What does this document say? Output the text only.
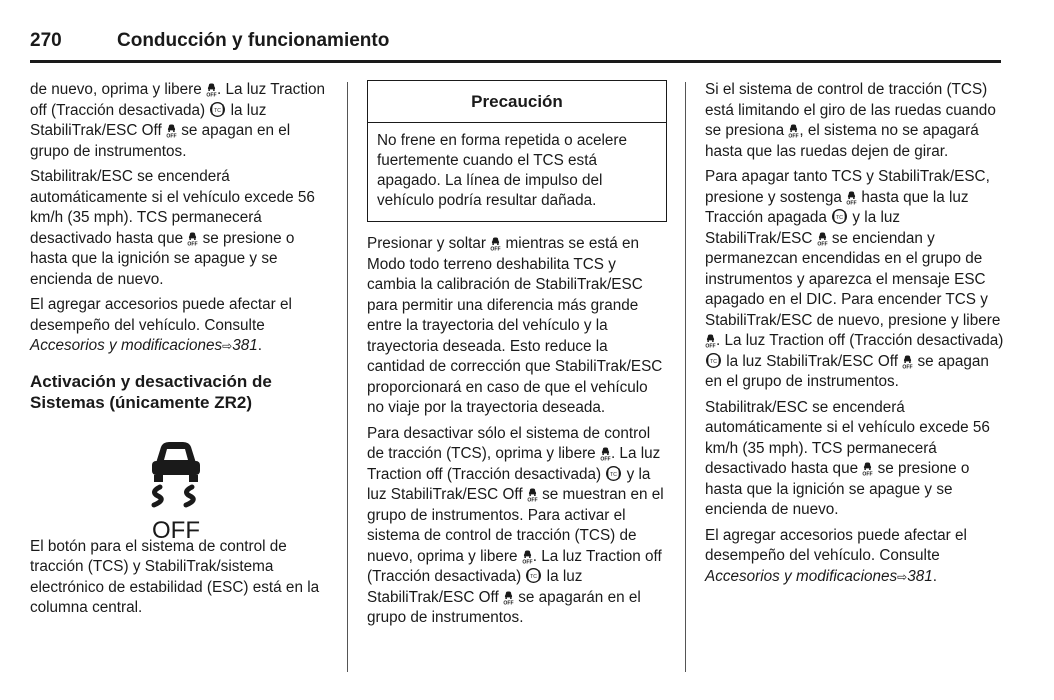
270	Conducción y funcionamiento

de nuevo, oprima y libere . La luz Traction off (Tracción desactivada) la luz StabiliTrak/ESC Off se apagan en el grupo de instrumentos.

Stabilitrak/ESC se encenderá automáticamente si el vehículo excede 56 km/h (35 mph). TCS permanecerá desactivado hasta que se presione o hasta que la ignición se apague y se encienda de nuevo.

El agregar accesorios puede afectar el desempeño del vehículo. Consulte Accesorios y modificaciones⇨381.

Activación y desactivación de Sistemas (únicamente ZR2)
OFF

El botón para el sistema de control de tracción (TCS) y StabiliTrak/sistema electrónico de estabilidad (ESC) está en la columna central.

Precaución
No frene en forma repetida o acelere fuertemente cuando el TCS está apagado. La línea de impulso del vehículo podría resultar dañada.

Presionar y soltar mientras se está en Modo todo terreno deshabilita TCS y cambia la calibración de StabiliTrak/ESC para permitir una diferencia más grande entre la trayectoria del vehículo y la trayectoria deseada. Esto reduce la cantidad de corrección que StabiliTrak/ESC proporcionará en caso de que el vehículo no viaje por la trayectoria deseada.

Para desactivar sólo el sistema de control de tracción (TCS), oprima y libere . La luz Traction off (Tracción desactivada) y la luz StabiliTrak/ESC Off se muestran en el grupo de instrumentos. Para activar el sistema de control de tracción (TCS) de nuevo, oprima y libere . La luz Traction off (Tracción desactivada) la luz StabiliTrak/ESC Off se apagarán en el grupo de instrumentos.

Si el sistema de control de tracción (TCS) está limitando el giro de las ruedas cuando se presiona , el sistema no se apagará hasta que las ruedas dejen de girar.

Para apagar tanto TCS y StabiliTrak/ESC, presione y sostenga hasta que la luz Tracción apagada y la luz StabiliTrak/ESC se enciendan y permanezcan encendidas en el grupo de instrumentos y aparezca el mensaje ESC apagado en el DIC. Para encender TCS y StabiliTrak/ESC de nuevo, presione y libere . La luz Traction off (Tracción desactivada)  la luz StabiliTrak/ESC Off se apagan en el grupo de instrumentos.

Stabilitrak/ESC se encenderá automáticamente si el vehículo excede 56 km/h (35 mph). TCS permanecerá desactivado hasta que se presione o hasta que la ignición se apague y se encienda de nuevo.

El agregar accesorios puede afectar el desempeño del vehículo. Consulte Accesorios y modificaciones⇨381.
